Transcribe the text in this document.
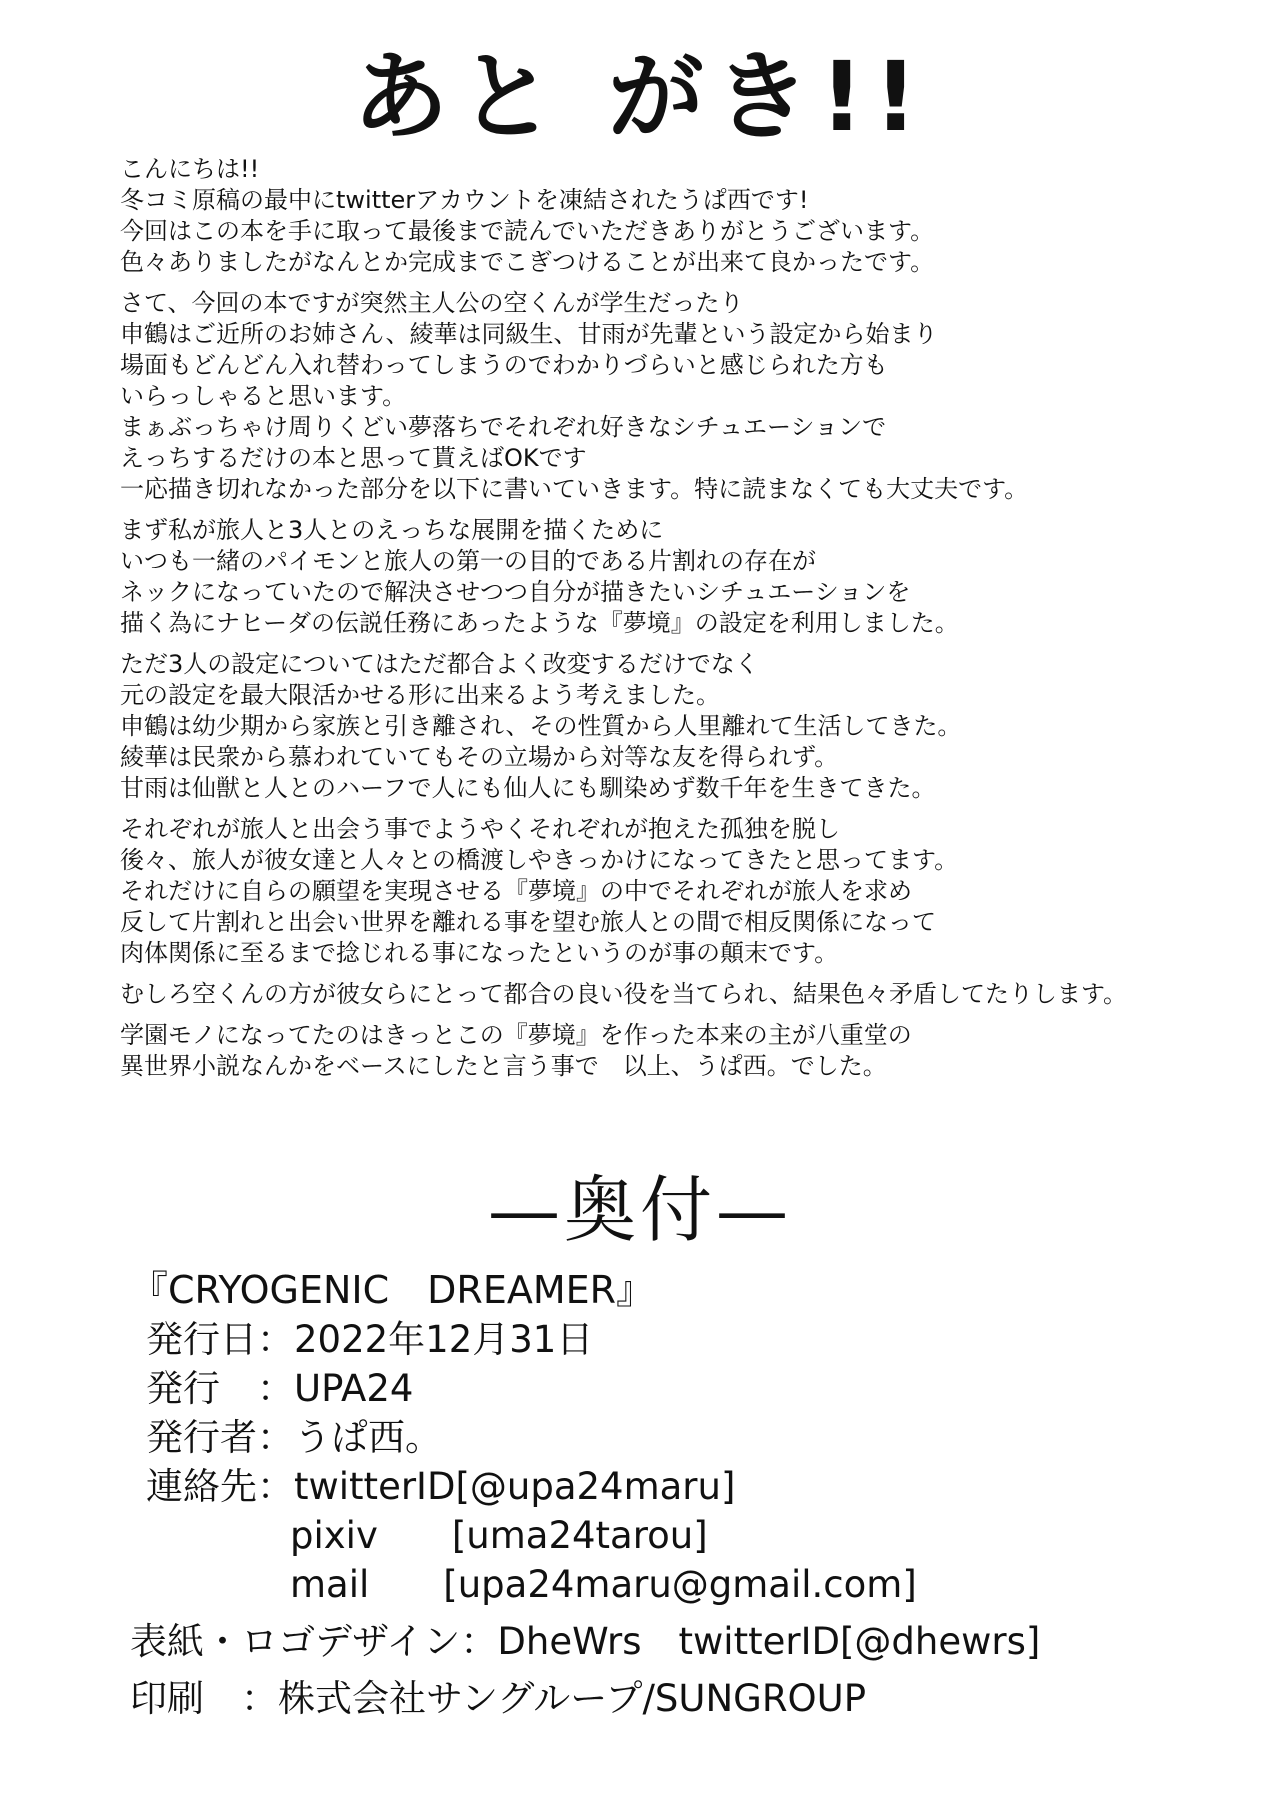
あと がき!!
こんにちは!!
冬コミ原稿の最中にtwitterアカウントを凍結されたうぱ西です!
今回はこの本を手に取って最後まで読んでいただきありがとうございます。
色々ありましたがなんとか完成までこぎつけることが出来て良かったです。
さて、今回の本ですが突然主人公の空くんが学生だったり
申鶴はご近所のお姉さん、綾華は同級生、甘雨が先輩という設定から始まり
場面もどんどん入れ替わってしまうのでわかりづらいと感じられた方も
いらっしゃると思います。
まぁぶっちゃけ周りくどい夢落ちでそれぞれ好きなシチュエーションで
えっちするだけの本と思って貰えばOKです
一応描き切れなかった部分を以下に書いていきます。特に読まなくても大丈夫です。
まず私が旅人と3人とのえっちな展開を描くために
いつも一緒のパイモンと旅人の第一の目的である片割れの存在が
ネックになっていたので解決させつつ自分が描きたいシチュエーションを
描く為にナヒーダの伝説任務にあったような『夢境』の設定を利用しました。
ただ3人の設定についてはただ都合よく改変するだけでなく
元の設定を最大限活かせる形に出来るよう考えました。
申鶴は幼少期から家族と引き離され、その性質から人里離れて生活してきた。
綾華は民衆から慕われていてもその立場から対等な友を得られず。
甘雨は仙獣と人とのハーフで人にも仙人にも馴染めず数千年を生きてきた。
それぞれが旅人と出会う事でようやくそれぞれが抱えた孤独を脱し
後々、旅人が彼女達と人々との橋渡しやきっかけになってきたと思ってます。
それだけに自らの願望を実現させる『夢境』の中でそれぞれが旅人を求め
反して片割れと出会い世界を離れる事を望む旅人との間で相反関係になって
肉体関係に至るまで捻じれる事になったというのが事の顛末です。
むしろ空くんの方が彼女らにとって都合の良い役を当てられ、結果色々矛盾してたりします。
学園モノになってたのはきっとこの『夢境』を作った本来の主が八重堂の
異世界小説なんかをベースにしたと言う事で　以上、うぱ西。でした。
—奥付—
『CRYOGENIC　DREAMER』
発行日：2022年12月31日
発行　：UPA24
発行者：うぱ西。
連絡先：twitterID[@upa24maru]
pixiv　　[uma24tarou]
mail　　[upa24maru@gmail.com]
表紙・ロゴデザイン：DheWrs　twitterID[@dhewrs]
印刷　：株式会社サングループ/SUNGROUP
